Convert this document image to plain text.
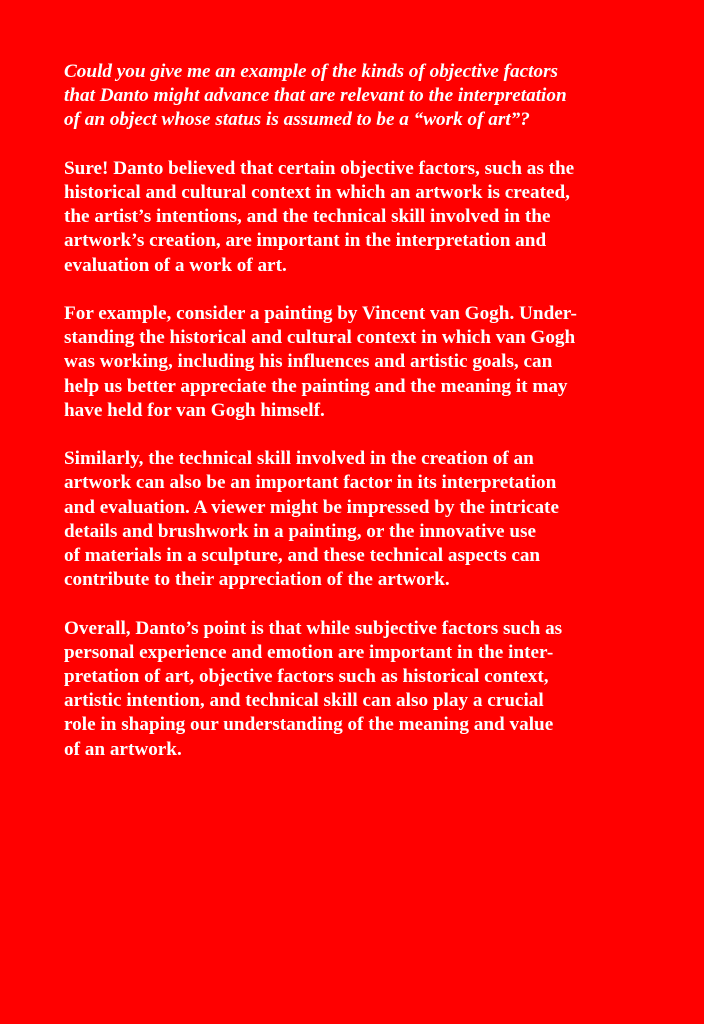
Could you give me an example of the kinds of objective factors
that Danto might advance that are relevant to the interpretation
of an object whose status is assumed to be a “work of art”?

Sure! Danto believed that certain objective factors, such as the
historical and cultural context in which an artwork is created,
the artist’s intentions, and the technical skill involved in the
artwork’s creation, are important in the interpretation and
evaluation of a work of art.

For example, consider a painting by Vincent van Gogh. Under-
standing the historical and cultural context in which van Gogh
was working, including his influences and artistic goals, can
help us better appreciate the painting and the meaning it may
have held for van Gogh himself.

Similarly, the technical skill involved in the creation of an
artwork can also be an important factor in its interpretation
and evaluation. A viewer might be impressed by the intricate
details and brushwork in a painting, or the innovative use
of materials in a sculpture, and these technical aspects can
contribute to their appreciation of the artwork.

Overall, Danto’s point is that while subjective factors such as
personal experience and emotion are important in the inter-
pretation of art, objective factors such as historical context,
artistic intention, and technical skill can also play a crucial
role in shaping our understanding of the meaning and value
of an artwork.
